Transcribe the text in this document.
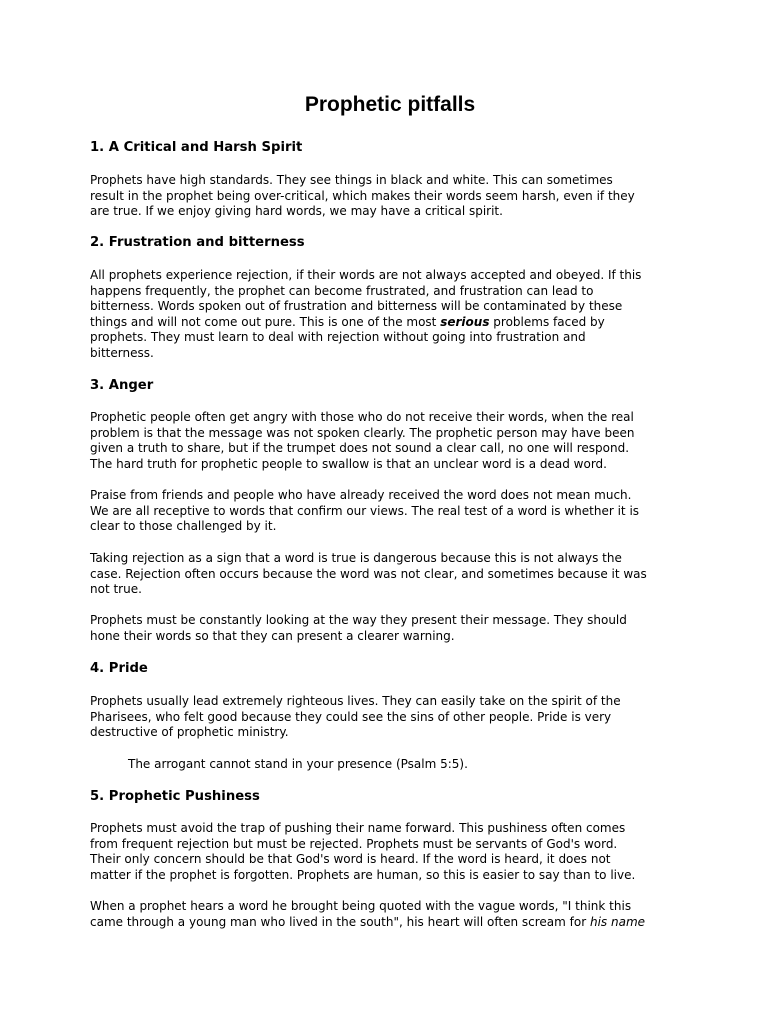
Prophetic pitfalls
1. A Critical and Harsh Spirit

Prophets have high standards. They see things in black and white. This can sometimes
result in the prophet being over-critical, which makes their words seem harsh, even if they
are true. If we enjoy giving hard words, we may have a critical spirit.

2. Frustration and bitterness

All prophets experience rejection, if their words are not always accepted and obeyed. If this
happens frequently, the prophet can become frustrated, and frustration can lead to
bitterness. Words spoken out of frustration and bitterness will be contaminated by these
things and will not come out pure. This is one of the most serious problems faced by
prophets. They must learn to deal with rejection without going into frustration and
bitterness.

3. Anger

Prophetic people often get angry with those who do not receive their words, when the real
problem is that the message was not spoken clearly. The prophetic person may have been
given a truth to share, but if the trumpet does not sound a clear call, no one will respond.
The hard truth for prophetic people to swallow is that an unclear word is a dead word.

Praise from friends and people who have already received the word does not mean much.
We are all receptive to words that confirm our views. The real test of a word is whether it is
clear to those challenged by it.

Taking rejection as a sign that a word is true is dangerous because this is not always the
case. Rejection often occurs because the word was not clear, and sometimes because it was
not true.

Prophets must be constantly looking at the way they present their message. They should
hone their words so that they can present a clearer warning.

4. Pride

Prophets usually lead extremely righteous lives. They can easily take on the spirit of the
Pharisees, who felt good because they could see the sins of other people. Pride is very
destructive of prophetic ministry.

The arrogant cannot stand in your presence (Psalm 5:5).

5. Prophetic Pushiness

Prophets must avoid the trap of pushing their name forward. This pushiness often comes
from frequent rejection but must be rejected. Prophets must be servants of God's word.
Their only concern should be that God's word is heard. If the word is heard, it does not
matter if the prophet is forgotten. Prophets are human, so this is easier to say than to live.

When a prophet hears a word he brought being quoted with the vague words, "I think this
came through a young man who lived in the south", his heart will often scream for his name
